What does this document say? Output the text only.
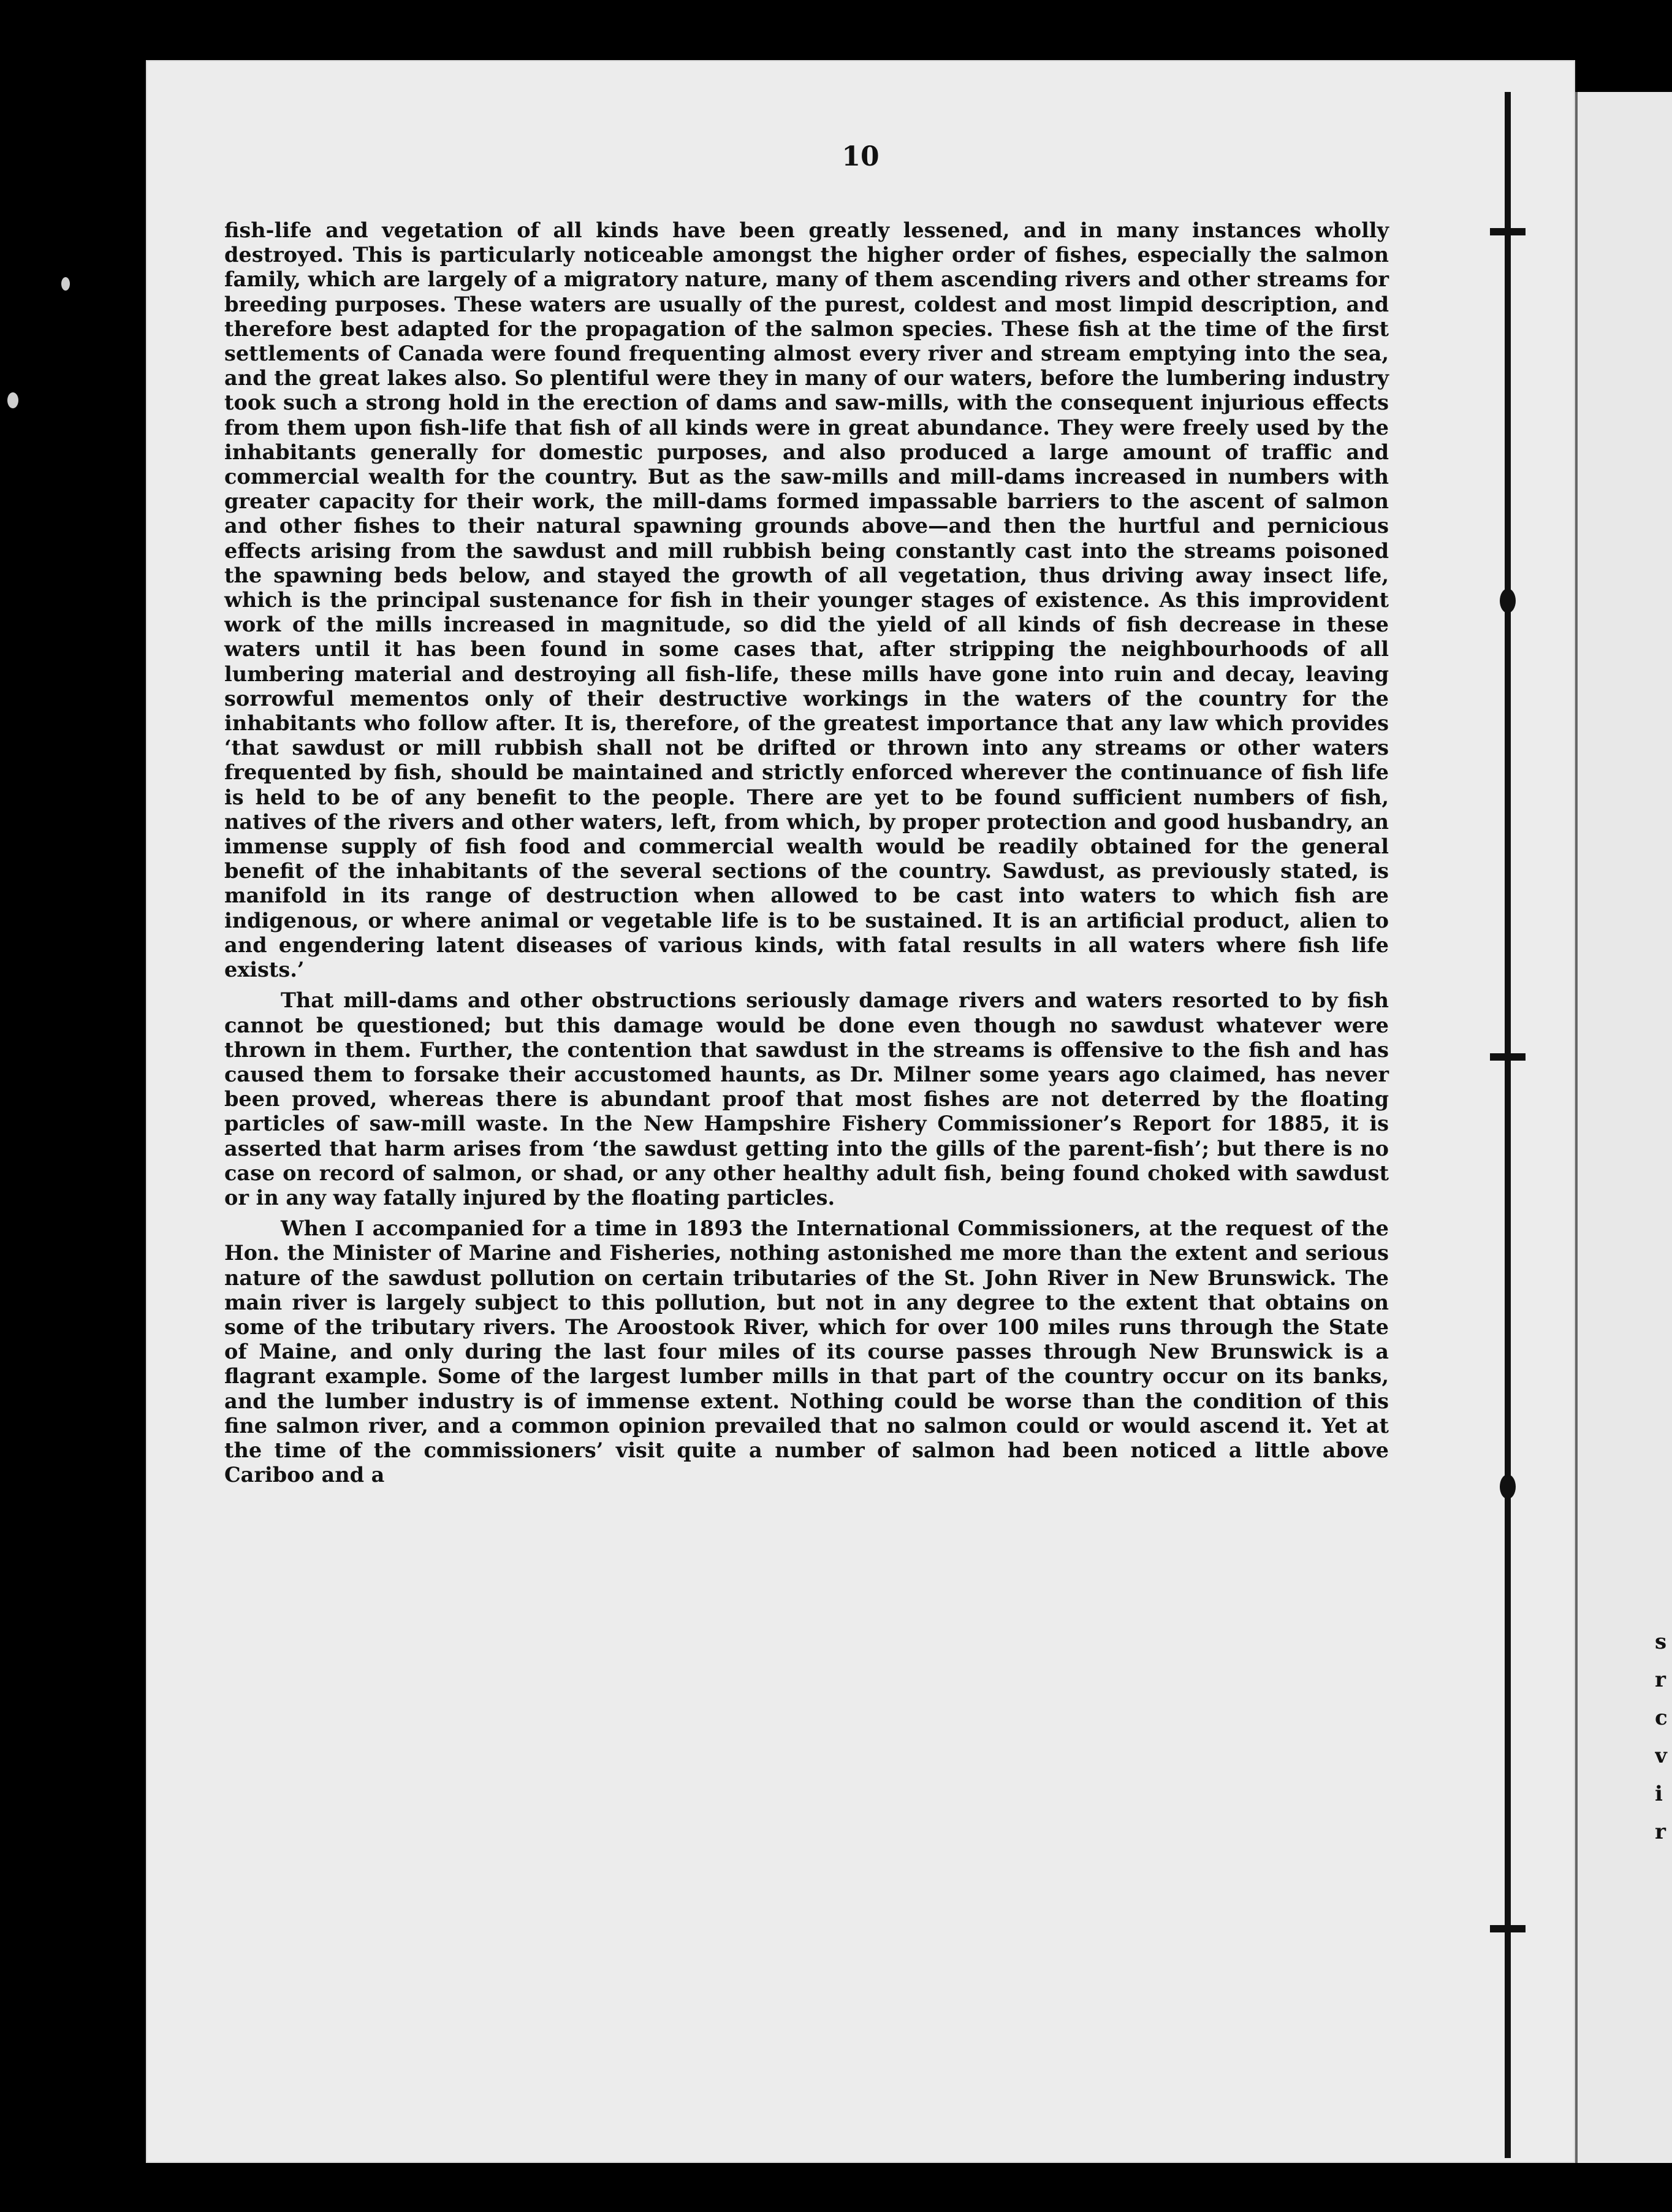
10

fish-life and vegetation of all kinds have been greatly lessened, and in many instances wholly destroyed. This is particularly noticeable amongst the higher order of fishes, especially the salmon family, which are largely of a migratory nature, many of them ascending rivers and other streams for breeding purposes. These waters are usually of the purest, coldest and most limpid description, and therefore best adapted for the propagation of the salmon species. These fish at the time of the first settlements of Canada were found frequenting almost every river and stream emptying into the sea, and the great lakes also. So plentiful were they in many of our waters, before the lumbering industry took such a strong hold in the erection of dams and saw-mills, with the consequent injurious effects from them upon fish-life that fish of all kinds were in great abundance. They were freely used by the inhabitants generally for domestic purposes, and also produced a large amount of traffic and commercial wealth for the country. But as the saw-mills and mill-dams increased in numbers with greater capacity for their work, the mill-dams formed impassable barriers to the ascent of salmon and other fishes to their natural spawning grounds above—and then the hurtful and pernicious effects arising from the sawdust and mill rubbish being constantly cast into the streams poisoned the spawning beds below, and stayed the growth of all vegetation, thus driving away insect life, which is the principal sustenance for fish in their younger stages of existence. As this improvident work of the mills increased in magnitude, so did the yield of all kinds of fish decrease in these waters until it has been found in some cases that, after stripping the neighbourhoods of all lumbering material and destroying all fish-life, these mills have gone into ruin and decay, leaving sorrowful mementos only of their destructive workings in the waters of the country for the inhabitants who follow after. It is, therefore, of the greatest importance that any law which provides ‘that sawdust or mill rubbish shall not be drifted or thrown into any streams or other waters frequented by fish, should be maintained and strictly enforced wherever the continuance of fish life is held to be of any benefit to the people. There are yet to be found sufficient numbers of fish, natives of the rivers and other waters, left, from which, by proper protection and good husbandry, an immense supply of fish food and commercial wealth would be readily obtained for the general benefit of the inhabitants of the several sections of the country. Sawdust, as previously stated, is manifold in its range of destruction when allowed to be cast into waters to which fish are indigenous, or where animal or vegetable life is to be sustained. It is an artificial product, alien to and engendering latent diseases of various kinds, with fatal results in all waters where fish life exists.’

That mill-dams and other obstructions seriously damage rivers and waters resorted to by fish cannot be questioned; but this damage would be done even though no sawdust whatever were thrown in them. Further, the contention that sawdust in the streams is offensive to the fish and has caused them to forsake their accustomed haunts, as Dr. Milner some years ago claimed, has never been proved, whereas there is abundant proof that most fishes are not deterred by the floating particles of saw-mill waste. In the New Hampshire Fishery Commissioner’s Report for 1885, it is asserted that harm arises from ‘the sawdust getting into the gills of the parent-fish’; but there is no case on record of salmon, or shad, or any other healthy adult fish, being found choked with sawdust or in any way fatally injured by the floating particles.

When I accompanied for a time in 1893 the International Commissioners, at the request of the Hon. the Minister of Marine and Fisheries, nothing astonished me more than the extent and serious nature of the sawdust pollution on certain tributaries of the St. John River in New Brunswick. The main river is largely subject to this pollution, but not in any degree to the extent that obtains on some of the tributary rivers. The Aroostook River, which for over 100 miles runs through the State of Maine, and only during the last four miles of its course passes through New Brunswick is a flagrant example. Some of the largest lumber mills in that part of the country occur on its banks, and the lumber industry is of immense extent. Nothing could be worse than the condition of this fine salmon river, and a common opinion prevailed that no salmon could or would ascend it. Yet at the time of the commissioners’ visit quite a number of salmon had been noticed a little above Cariboo and a

s
r
c
v
i
r
